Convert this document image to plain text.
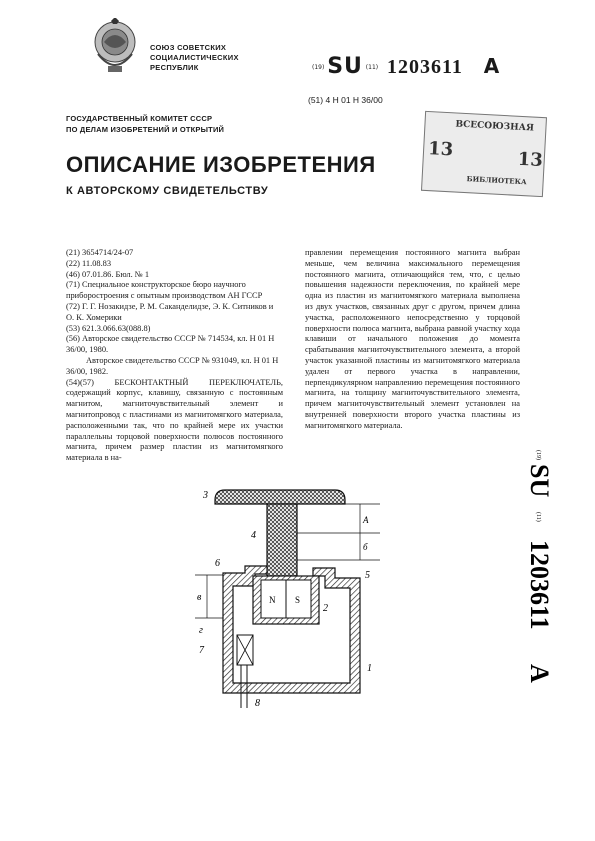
СОЮЗ СОВЕТСКИХ
СОЦИАЛИСТИЧЕСКИХ
РЕСПУБЛИК	$^{(19)}$ SU $^{(11)}$ 1203611 A
(51) 4 H 01 H 36/00
ГОСУДАРСТВЕННЫЙ КОМИТЕТ СССР
ПО ДЕЛАМ ИЗОБРЕТЕНИЙ И ОТКРЫТИЙ	ВСЕСОЮЗНАЯ
13	13
БИБЛИОТЕКА
ОПИСАНИЕ ИЗОБРЕТЕНИЯ
К АВТОРСКОМУ СВИДЕТЕЛЬСТВУ

(21) 3654714/24-07

(22) 11.08.83

(46) 07.01.86. Бюл. № 1

(71) Специальное конструкторское бюро научного приборостроения с опытным производством АН ГССР

(72) Г. Г. Нозакидзе, Р. М. Саканделидзе, Э. К. Ситников и О. К. Хомерики

(53) 621.3.066.63(088.8)

(56) Авторское свидетельство СССР № 714534, кл. H 01 H 36/00, 1980.

Авторское свидетельство СССР № 931049, кл. H 01 H 36/00, 1982.

(54)(57) БЕСКОНТАКТНЫЙ ПЕРЕКЛЮЧАТЕЛЬ, содержащий корпус, клавишу, связанную с постоянным магнитом, магниточувствительный элемент и магнитопровод с пластинами из магнитомягкого материала, расположенными так, что по крайней мере их участки параллельны торцовой поверхности полюсов постоянного магнита, причем размер пластин из магнитомягкого материала в на-

правлении перемещения постоянного магнита выбран меньше, чем величина максимального перемещения постоянного магнита, отличающийся тем, что, с целью повышения надежности переключения, по крайней мере одна из пластин из магнитомягкого материала выполнена из двух участков, связанных друг с другом, причем длина участка, расположенного непосредственно у торцовой поверхности полюса магнита, выбрана равной участку хода клавиши от начального положения до момента срабатывания магниточувствительного элемента, а второй участок указанной пластины из магнитомягкого материала удален от первого участка в направлении, перпендикулярном направлению перемещения постоянного магнита, на толщину магниточувствительного элемента, причем магниточувствительный элемент установлен на внутренней поверхности второго участка пластины из магнитомягкого материала.
(19)
SU
(11)
1203611
A
3
4
A
б
6
5
в	N S
2
1
7
8
г
